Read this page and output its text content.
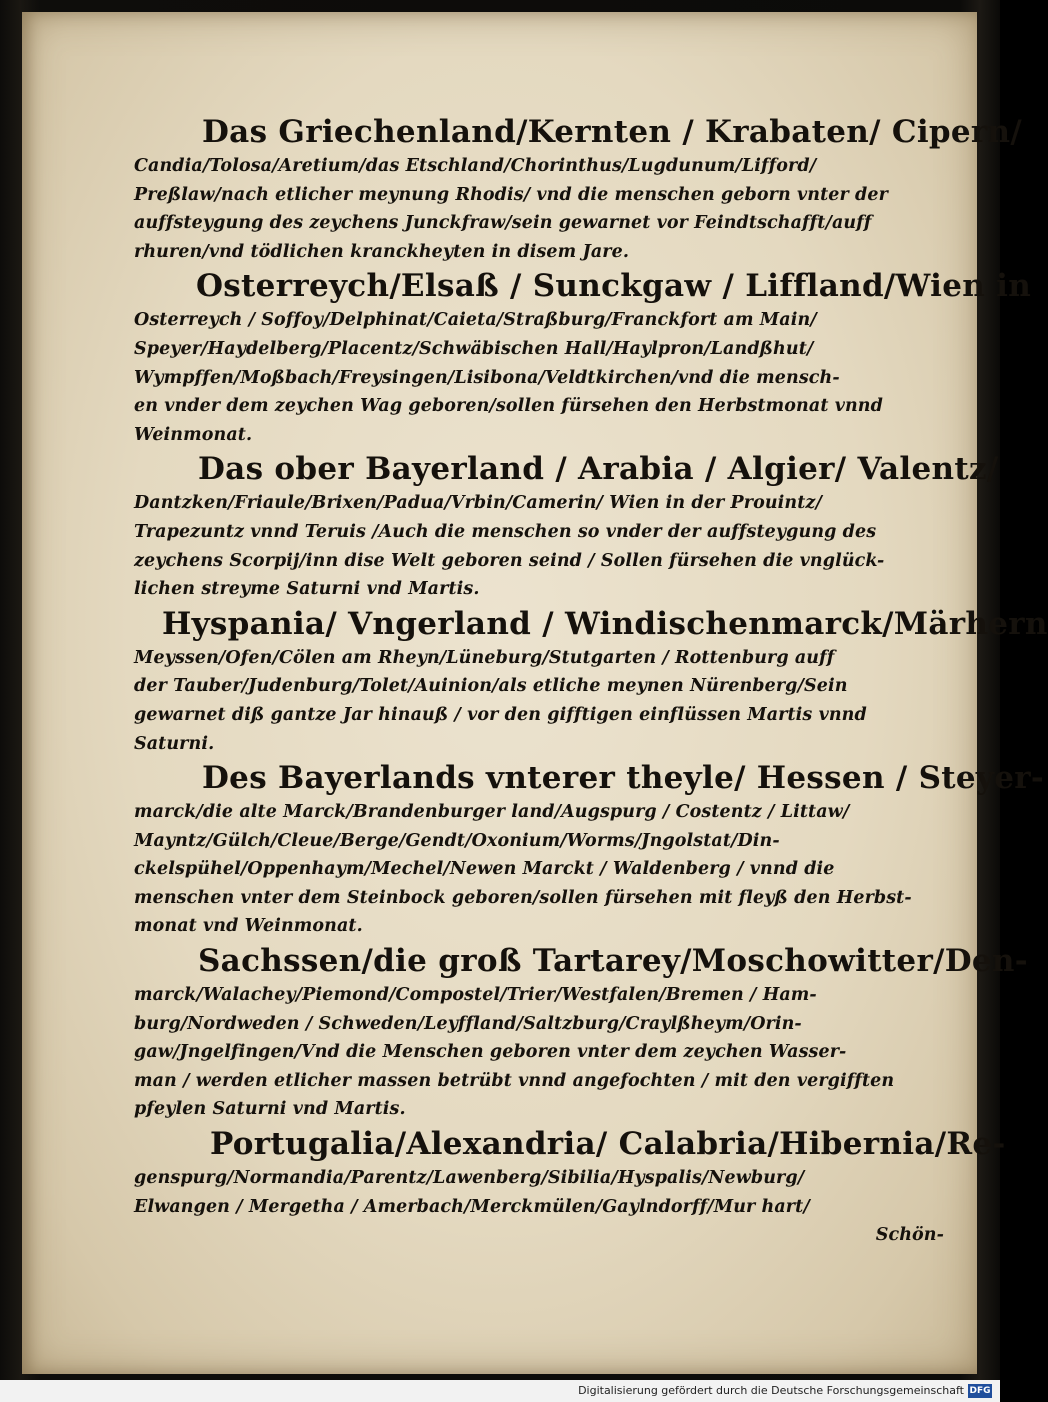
Das Griechenland/Kernten / Krabaten/ Cipern/
Candia/Tolosa/Aretium/das Etschland/Chorinthus/Lugdunum/Lifford/
Preßlaw/nach etlicher meynung Rhodis/ vnd die menschen geborn vnter der
auffsteygung des zeychens Junckfraw/sein gewarnet vor Feindtschafft/auff
rhuren/vnd tödlichen kranckheyten in disem Jare.
Osterreych/Elsaß / Sunckgaw / Liffland/Wien in
Osterreych / Soffoy/Delphinat/Caieta/Straßburg/Franckfort am Main/
Speyer/Haydelberg/Placentz/Schwäbischen Hall/Haylpron/Landßhut/
Wympffen/Moßbach/Freysingen/Lisibona/Veldtkirchen/vnd die mensch-
en vnder dem zeychen Wag geboren/sollen fürsehen den Herbstmonat vnnd
Weinmonat.
Das ober Bayerland / Arabia / Algier/ Valentz/
Dantzken/Friaule/Brixen/Padua/Vrbin/Camerin/ Wien in der Prouintz/
Trapezuntz vnnd Teruis /Auch die menschen so vnder der auffsteygung des
zeychens Scorpij/inn dise Welt geboren seind / Sollen fürsehen die vnglück-
lichen streyme Saturni vnd Martis.
Hyspania/ Vngerland / Windischenmarck/Märhern
Meyssen/Ofen/Cölen am Rheyn/Lüneburg/Stutgarten / Rottenburg auff
der Tauber/Judenburg/Tolet/Auinion/als etliche meynen Nürenberg/Sein
gewarnet diß gantze Jar hinauß / vor den gifftigen einflüssen Martis vnnd
Saturni.
Des Bayerlands vnterer theyle/ Hessen / Steyer-
marck/die alte Marck/Brandenburger land/Augspurg / Costentz / Littaw/
Mayntz/Gülch/Cleue/Berge/Gendt/Oxonium/Worms/Jngolstat/Din-
ckelspühel/Oppenhaym/Mechel/Newen Marckt / Waldenberg / vnnd die
menschen vnter dem Steinbock geboren/sollen fürsehen mit fleyß den Herbst-
monat vnd Weinmonat.
Sachssen/die groß Tartarey/Moschowitter/Den-
marck/Walachey/Piemond/Compostel/Trier/Westfalen/Bremen / Ham-
burg/Nordweden / Schweden/Leyffland/Saltzburg/Craylßheym/Orin-
gaw/Jngelfingen/Vnd die Menschen geboren vnter dem zeychen Wasser-
man / werden etlicher massen betrübt vnnd angefochten / mit den vergifften
pfeylen Saturni vnd Martis.
Portugalia/Alexandria/ Calabria/Hibernia/Re-
gensp​urg/Normandia/Parentz/Lawenberg/Sibilia/Hyspalis/Newburg/
Elwangen / Mergetha / Amerbach/Merckmülen/Gaylndorff/Mur hart/
Schön-
Digitalisierung gefördert durch die Deutsche Forschungsgemeinschaft DFG
